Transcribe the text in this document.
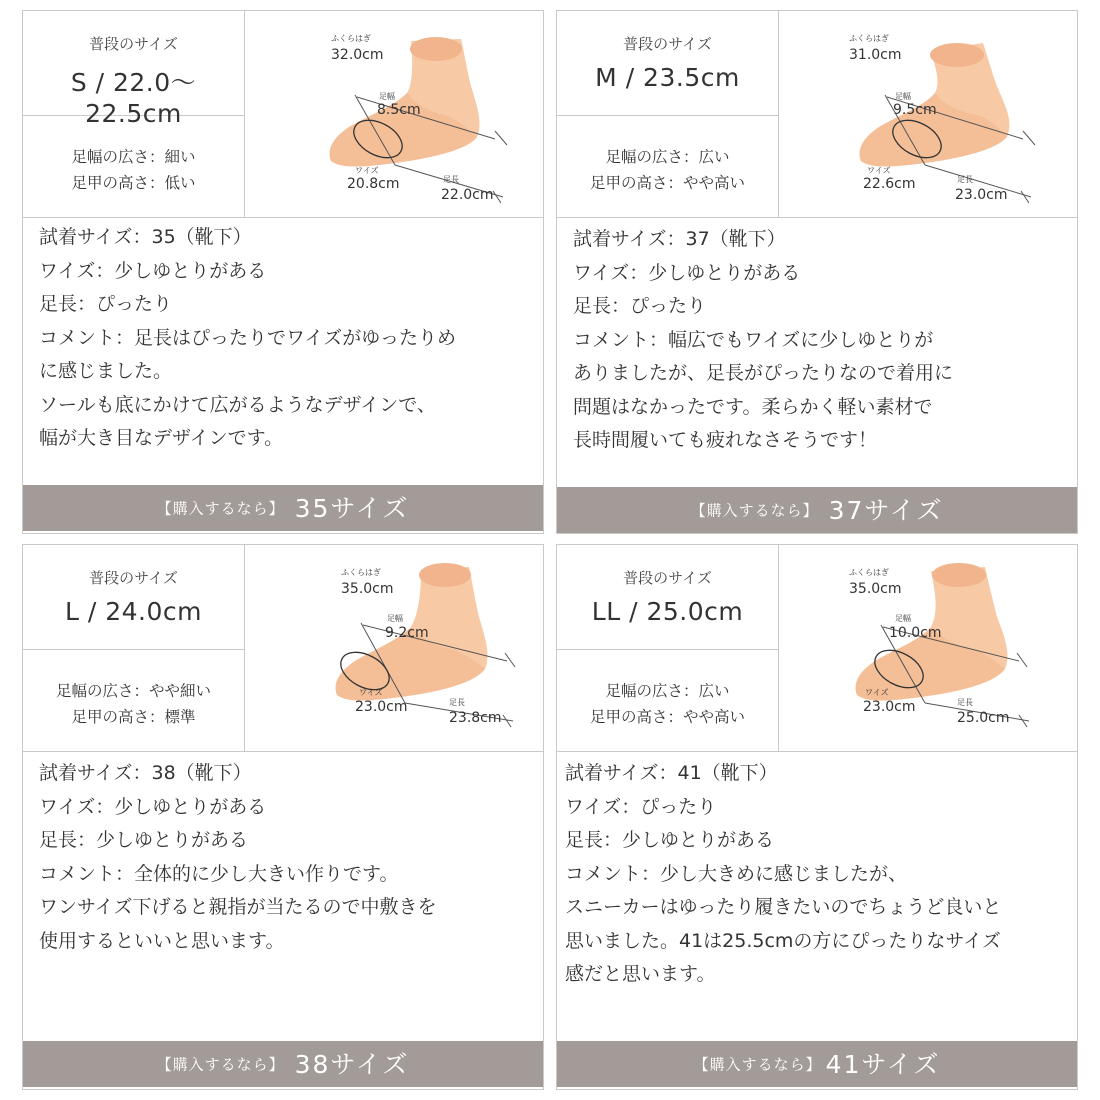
普段のサイズ
S / 22.0〜22.5cm
足幅の広さ：細い
足甲の高さ：低い
ふくらはぎ
32.0cm
足幅
8.5cm
ワイズ
20.8cm	足長
22.0cm
試着サイズ：35（靴下）
ワイズ：少しゆとりがある
足長：ぴったり
コメント：足長はぴったりでワイズがゆったりめ
に感じました。
ソールも底にかけて広がるようなデザインで、
幅が大き目なデザインです。
【購入するなら】 35サイズ
普段のサイズ
M / 23.5cm
足幅の広さ：広い
足甲の高さ：やや高い
ふくらはぎ
31.0cm
足幅
9.5cm
ワイズ
22.6cm	足長
23.0cm
試着サイズ：37（靴下）
ワイズ：少しゆとりがある
足長：ぴったり
コメント：幅広でもワイズに少しゆとりが
ありましたが、足長がぴったりなので着用に
問題はなかったです。柔らかく軽い素材で
長時間履いても疲れなさそうです！
【購入するなら】 37サイズ
普段のサイズ
L / 24.0cm
足幅の広さ：やや細い
足甲の高さ：標準
ふくらはぎ
35.0cm
足幅
9.2cm
ワイズ
23.0cm	足長
23.8cm
試着サイズ：38（靴下）
ワイズ：少しゆとりがある
足長：少しゆとりがある
コメント：全体的に少し大きい作りです。
ワンサイズ下げると親指が当たるので中敷きを
使用するといいと思います。
【購入するなら】 38サイズ
普段のサイズ
LL / 25.0cm
足幅の広さ：広い
足甲の高さ：やや高い
ふくらはぎ
35.0cm
足幅
10.0cm
ワイズ
23.0cm	足長
25.0cm
試着サイズ：41（靴下）
ワイズ：ぴったり
足長：少しゆとりがある
コメント：少し大きめに感じましたが、
スニーカーはゆったり履きたいのでちょうど良いと
思いました。41は25.5cmの方にぴったりなサイズ
感だと思います。
【購入するなら】 41サイズ
